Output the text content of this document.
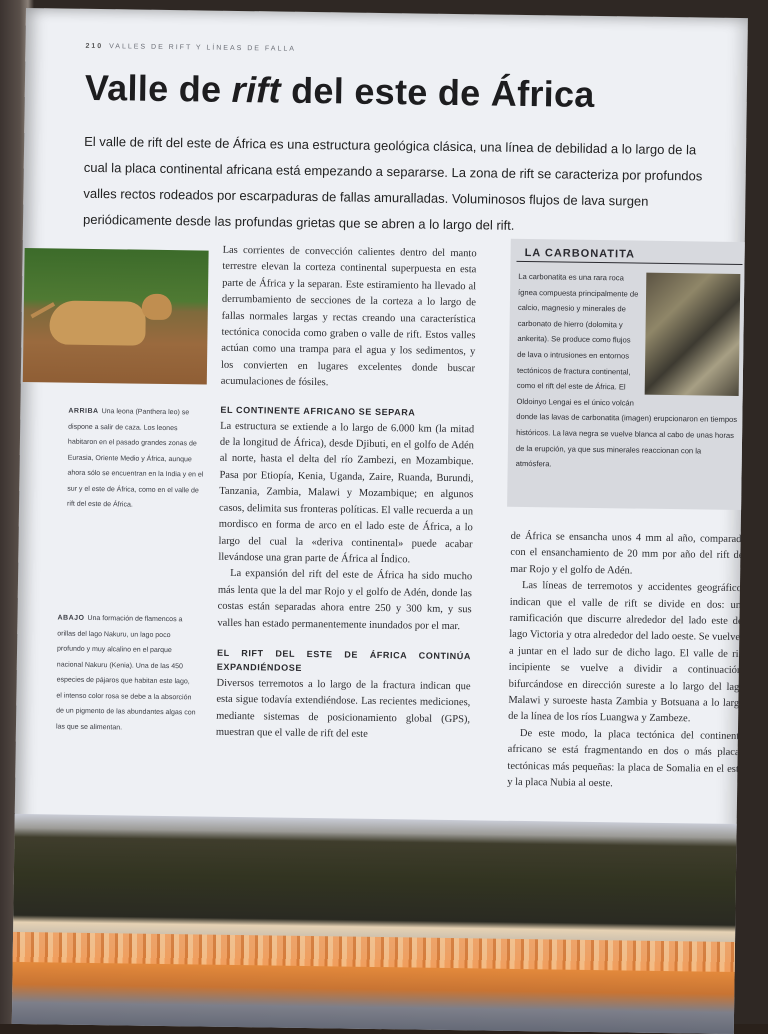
210 VALLES DE RIFT Y LÍNEAS DE FALLA
Valle de rift del este de África

El valle de rift del este de África es una estructura geológica clásica, una línea de debilidad a lo largo de la cual la placa continental africana está empezando a separarse. La zona de rift se caracteriza por profundos valles rectos rodeados por escarpaduras de fallas amuralladas. Voluminosos flujos de lava surgen periódicamente desde las profundas grietas que se abren a lo largo del rift.

ARRIBA Una leona (Panthera leo) se dispone a salir de caza. Los leones habitaron en el pasado grandes zonas de Eurasia, Oriente Medio y África, aunque ahora sólo se encuentran en la India y en el sur y el este de África, como en el valle de rift del este de África.
ABAJO Una formación de flamencos a orillas del lago Nakuru, un lago poco profundo y muy alcalino en el parque nacional Nakuru (Kenia). Una de las 450 especies de pájaros que habitan este lago, el intenso color rosa se debe a la absorción de un pigmento de las abundantes algas con las que se alimentan.

Las corrientes de convección calientes dentro del manto terrestre elevan la corteza continental superpuesta en esta parte de África y la separan. Este estiramiento ha llevado al derrumbamiento de secciones de la corteza a lo largo de fallas normales largas y rectas creando una característica tectónica conocida como graben o valle de rift. Estos valles actúan como una trampa para el agua y los sedimentos, y los convierten en lugares excelentes donde buscar acumulaciones de fósiles.

EL CONTINENTE AFRICANO SE SEPARA

La estructura se extiende a lo largo de 6.000 km (la mitad de la longitud de África), desde Djibuti, en el golfo de Adén al norte, hasta el delta del río Zambezi, en Mozambique. Pasa por Etiopía, Kenia, Uganda, Zaire, Ruanda, Burundi, Tanzania, Zambia, Malawi y Mozambique; en algunos casos, delimita sus fronteras políticas. El valle recuerda a un mordisco en forma de arco en el lado este de África, a lo largo del cual la «deriva continental» puede acabar llevándose una gran parte de África al Índico.

La expansión del rift del este de África ha sido mucho más lenta que la del mar Rojo y el golfo de Adén, donde las costas están separadas ahora entre 250 y 300 km, y sus valles han estado permanentemente inundados por el mar.

EL RIFT DEL ESTE DE ÁFRICA CONTINÚA EXPANDIÉNDOSE

Diversos terremotos a lo largo de la fractura indican que esta sigue todavía extendiéndose. Las recientes mediciones, mediante sistemas de posicionamiento global (GPS), muestran que el valle de rift del este

LA CARBONATITA
La carbonatita es una rara roca ígnea compuesta principalmente de calcio, magnesio y minerales de carbonato de hierro (dolomita y ankerita). Se produce como flujos de lava o intrusiones en entornos tectónicos de fractura continental, como el rift del este de África. El Oldoinyo Lengai es el único volcán donde las lavas de carbonatita (imagen) erupcionaron en tiempos históricos. La lava negra se vuelve blanca al cabo de unas horas de la erupción, ya que sus minerales reaccionan con la atmósfera.

de África se ensancha unos 4 mm al año, comparado con el ensanchamiento de 20 mm por año del rift del mar Rojo y el golfo de Adén.

Las líneas de terremotos y accidentes geográficos indican que el valle de rift se divide en dos: una ramificación que discurre alrededor del lado este del lago Victoria y otra alrededor del lado oeste. Se vuelven a juntar en el lado sur de dicho lago. El valle de rift incipiente se vuelve a dividir a continuación, bifurcándose en dirección sureste a lo largo del lago Malawi y suroeste hasta Zambia y Botsuana a lo largo de la línea de los ríos Luangwa y Zambeze.

De este modo, la placa tectónica del continente africano se está fragmentando en dos o más placas tectónicas más pequeñas: la placa de Somalia en el este y la placa Nubia al oeste.
